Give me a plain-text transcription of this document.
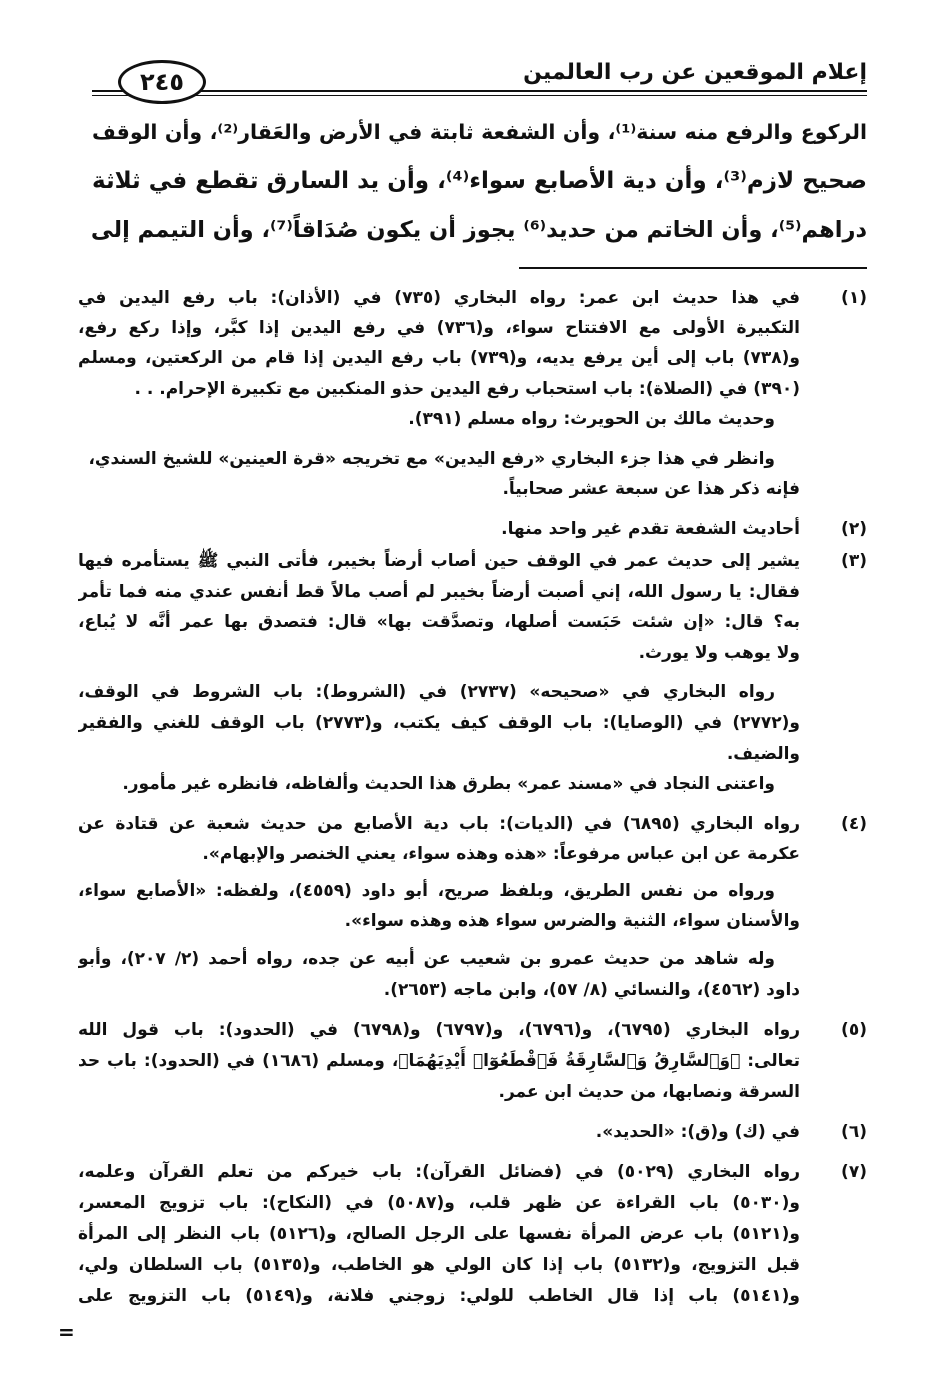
إعلام الموقعين عن رب العالمين
٢٤٥
الركوع والرفع منه سنة⁽¹⁾، وأن الشفعة ثابتة في الأرض والعَقار⁽²⁾، وأن الوقف
صحيح لازم⁽³⁾، وأن دية الأصابع سواء⁽⁴⁾، وأن يد السارق تقطع في ثلاثة
دراهم⁽⁵⁾، وأن الخاتم من حديد⁽⁶⁾ يجوز أن يكون صُدَاقاً⁽⁷⁾، وأن التيمم إلى
(١)
في هذا حديث ابن عمر: رواه البخاري (٧٣٥) في (الأذان): باب رفع اليدين في
التكبيرة الأولى مع الافتتاح سواء، و(٧٣٦) في رفع اليدين إذا كبَّر، وإذا ركع رفع،
و(٧٣٨) باب إلى أين يرفع يديه، و(٧٣٩) باب رفع اليدين إذا قام من الركعتين، ومسلم
(٣٩٠) في (الصلاة): باب استحباب رفع اليدين حذو المنكبين مع تكبيرة الإحرام. . .
وحديث مالك بن الحويرث: رواه مسلم (٣٩١).
وانظر في هذا جزء البخاري «رفع اليدين» مع تخريجه «قرة العينين» للشيخ السندي،
فإنه ذكر هذا عن سبعة عشر صحابياً.
(٢)
أحاديث الشفعة تقدم غير واحد منها.
(٣)
يشير إلى حديث عمر في الوقف حين أصاب أرضاً بخيبر، فأتى النبي ﷺ يستأمره فيها
فقال: يا رسول الله، إني أصبت أرضاً بخيبر لم أصب مالاً قط أنفس عندي منه فما تأمر
به؟ قال: «إن شئت حَبَست أصلها، وتصدَّقت بها» قال: فتصدق بها عمر أنَّه لا يُباع،
ولا يوهب ولا يورث.
رواه البخاري في «صحيحه» (٢٧٣٧) في (الشروط): باب الشروط في الوقف،
و(٢٧٧٢) في (الوصايا): باب الوقف كيف يكتب، و(٢٧٧٣) باب الوقف للغني والفقير
والضيف.
واعتنى النجاد في «مسند عمر» بطرق هذا الحديث وألفاظه، فانظره غير مأمور.
(٤)
رواه البخاري (٦٨٩٥) في (الديات): باب دية الأصابع من حديث شعبة عن قتادة عن
عكرمة عن ابن عباس مرفوعاً: «هذه وهذه سواء، يعني الخنصر والإبهام».
ورواه من نفس الطريق، وبلفظ صريح، أبو داود (٤٥٥٩)، ولفظه: «الأصابع سواء،
والأسنان سواء، الثنية والضرس سواء هذه وهذه سواء».
وله شاهد من حديث عمرو بن شعيب عن أبيه عن جده، رواه أحمد (٢/ ٢٠٧)، وأبو
داود (٤٥٦٢)، والنسائي (٨/ ٥٧)، وابن ماجه (٢٦٥٣).
(٥)
رواه البخاري (٦٧٩٥)، و(٦٧٩٦)، و(٦٧٩٧) و(٦٧٩٨) في (الحدود): باب قول الله
تعالى: ﴿وَٱلسَّارِقُ وَٱلسَّارِقَةُ فَٱقْطَعُوٓا۟ أَيْدِيَهُمَا﴾، ومسلم (١٦٨٦) في (الحدود): باب حد
السرقة ونصابها، من حديث ابن عمر.
(٦)
في (ك) و(ق): «الحديد».
(٧)
رواه البخاري (٥٠٢٩) في (فضائل القرآن): باب خيركم من تعلم القرآن وعلمه،
و(٥٠٣٠) باب القراءة عن ظهر قلب، و(٥٠٨٧) في (النكاح): باب تزويج المعسر،
و(٥١٢١) باب عرض المرأة نفسها على الرجل الصالح، و(٥١٢٦) باب النظر إلى المرأة
قبل التزويج، و(٥١٣٢) باب إذا كان الولي هو الخاطب، و(٥١٣٥) باب السلطان ولي،
و(٥١٤١) باب إذا قال الخاطب للولي: زوجني فلانة، و(٥١٤٩) باب التزويج على
=
